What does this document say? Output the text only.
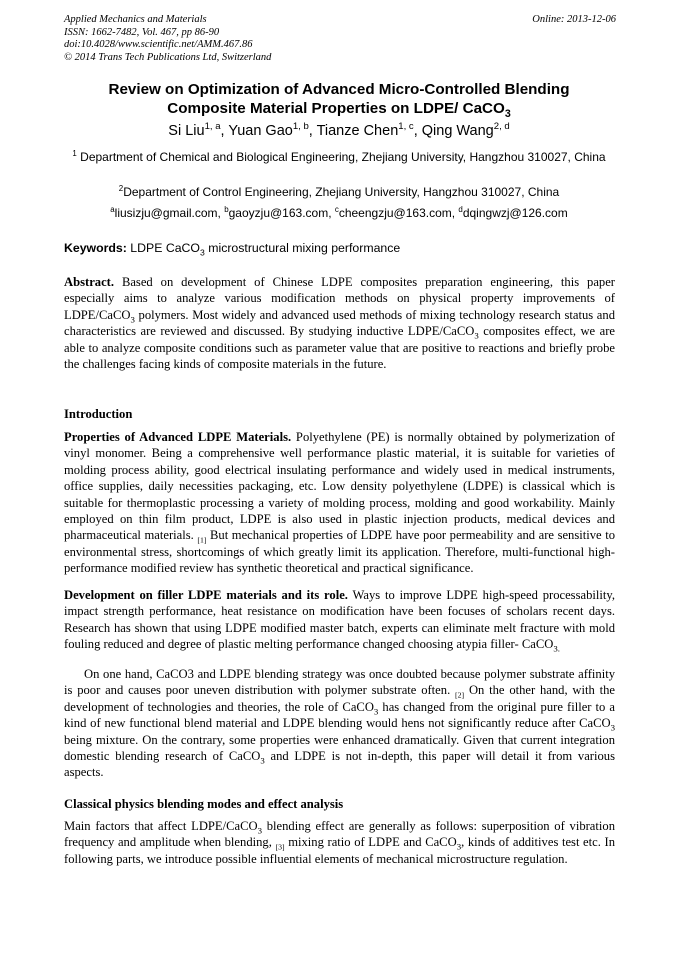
Applied Mechanics and Materials
ISSN: 1662-7482, Vol. 467, pp 86-90
doi:10.4028/www.scientific.net/AMM.467.86
© 2014 Trans Tech Publications Ltd, Switzerland
Online: 2013-12-06
Review on Optimization of Advanced Micro-Controlled Blending
Composite Material Properties on LDPE/ CaCO$_3$
Si Liu$^{1, a}$, Yuan Gao$^{1, b}$, Tianze Chen$^{1, c}$, Qing Wang$^{2, d}$
$^1$ Department of Chemical and Biological Engineering, Zhejiang University, Hangzhou 310027, China
$^2$Department of Control Engineering, Zhejiang University, Hangzhou 310027, China
$^a$liusizju@gmail.com, $^b$gaoyzju@163.com, $^c$cheengzju@163.com, $^d$dqingwzj@126.com
Keywords: LDPE CaCO$_3$ microstructural mixing performance
Abstract. Based on development of Chinese LDPE composites preparation engineering, this paper especially aims to analyze various modification methods on physical property improvements of LDPE/CaCO$_3$ polymers. Most widely and advanced used methods of mixing technology research status and characteristics are reviewed and discussed. By studying inductive LDPE/CaCO$_3$ composites effect, we are able to analyze composite conditions such as parameter value that are positive to reactions and briefly probe the challenges facing kinds of composite materials in the future.
Introduction
Properties of Advanced LDPE Materials. Polyethylene (PE) is normally obtained by polymerization of vinyl monomer. Being a comprehensive well performance plastic material, it is suitable for varieties of molding process ability, good electrical insulating performance and widely used in medical instruments, office supplies, daily necessities packaging, etc. Low density polyethylene (LDPE) is classical which is suitable for thermoplastic processing a variety of molding process, molding and good workability. Mainly employed on thin film product, LDPE is also used in plastic injection products, medical devices and pharmaceutical materials. $_{[1]}$ But mechanical properties of LDPE have poor permeability and are sensitive to environmental stress, shortcomings of which greatly limit its application. Therefore, multi-functional high-performance modified review has synthetic theoretical and practical significance.
Development on filler LDPE materials and its role. Ways to improve LDPE high-speed processability, impact strength performance, heat resistance on modification have been focuses of scholars recent days. Research has shown that using LDPE modified master batch, experts can eliminate melt fracture with mold fouling reduced and degree of plastic melting performance changed choosing atypia filler- CaCO$_{3.}$
On one hand, CaCO3 and LDPE blending strategy was once doubted because polymer substrate affinity is poor and causes poor uneven distribution with polymer substrate often. $_{[2]}$ On the other hand, with the development of technologies and theories, the role of CaCO$_3$ has changed from the original pure filler to a kind of new functional blend material and LDPE blending would hens not significantly reduce after CaCO$_3$ being mixture. On the contrary, some properties were enhanced dramatically. Given that current integration domestic blending research of CaCO$_3$ and LDPE is not in-depth, this paper will detail it from various aspects.
Classical physics blending modes and effect analysis
Main factors that affect LDPE/CaCO$_3$ blending effect are generally as follows: superposition of vibration frequency and amplitude when blending, $_{[3]}$ mixing ratio of LDPE and CaCO$_3$, kinds of additives test etc. In following parts, we introduce possible influential elements of mechanical microstructure regulation.
